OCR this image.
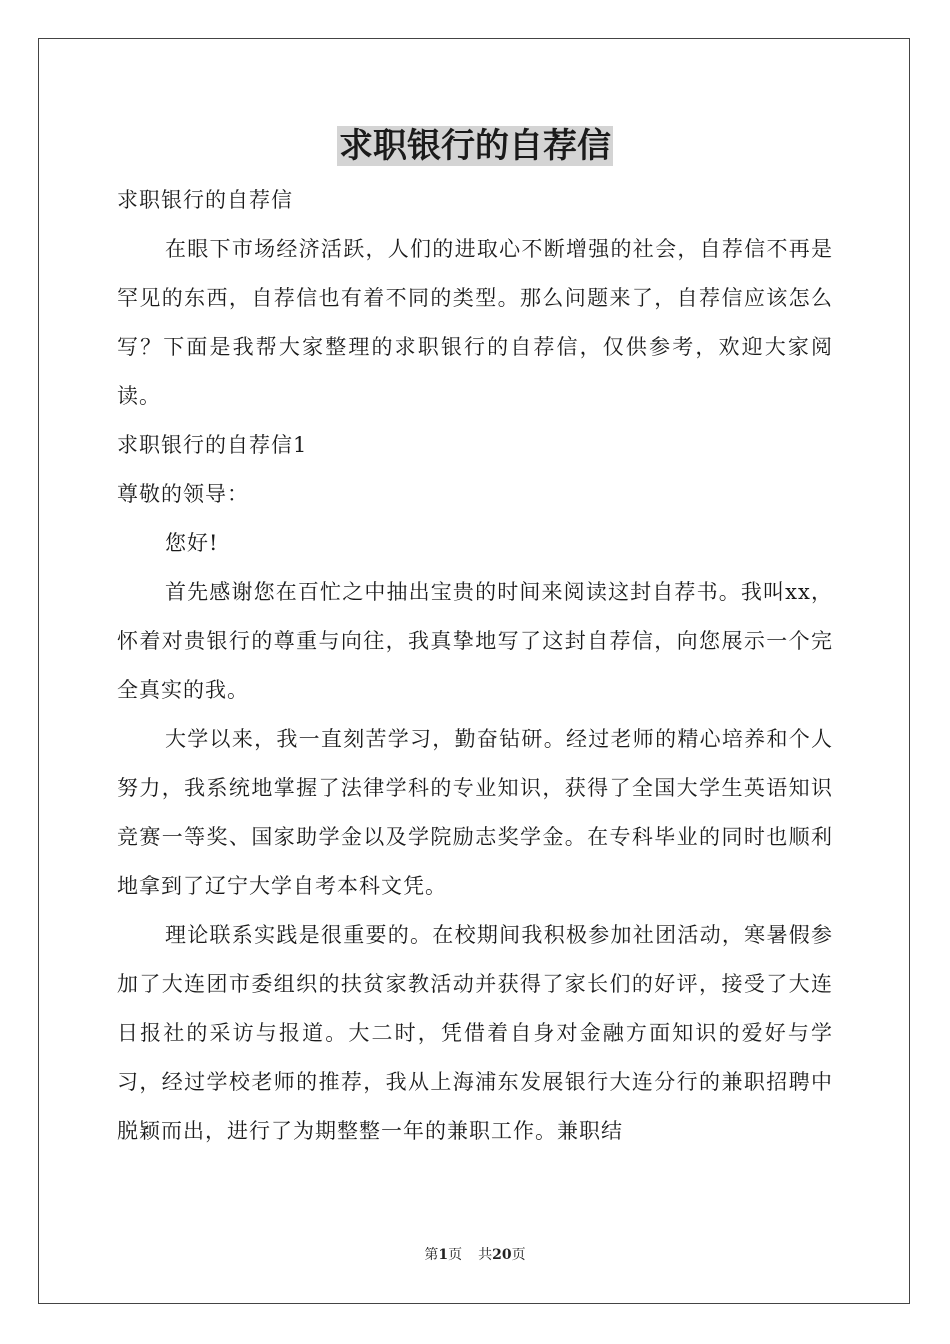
求职银行的自荐信

求职银行的自荐信

在眼下市场经济活跃，人们的进取心不断增强的社会，自荐信不再是罕见的东西，自荐信也有着不同的类型。那么问题来了，自荐信应该怎么写？下面是我帮大家整理的求职银行的自荐信，仅供参考，欢迎大家阅读。

求职银行的自荐信1

尊敬的领导：

您好!

首先感谢您在百忙之中抽出宝贵的时间来阅读这封自荐书。我叫xx，怀着对贵银行的尊重与向往，我真挚地写了这封自荐信，向您展示一个完全真实的我。

大学以来，我一直刻苦学习，勤奋钻研。经过老师的精心培养和个人努力，我系统地掌握了法律学科的专业知识，获得了全国大学生英语知识竞赛一等奖、国家助学金以及学院励志奖学金。在专科毕业的同时也顺利地拿到了辽宁大学自考本科文凭。

理论联系实践是很重要的。在校期间我积极参加社团活动，寒暑假参加了大连团市委组织的扶贫家教活动并获得了家长们的好评，接受了大连日报社的采访与报道。大二时，凭借着自身对金融方面知识的爱好与学习，经过学校老师的推荐，我从上海浦东发展银行大连分行的兼职招聘中脱颖而出，进行了为期整整一年的兼职工作。兼职结

第1页 共20页
